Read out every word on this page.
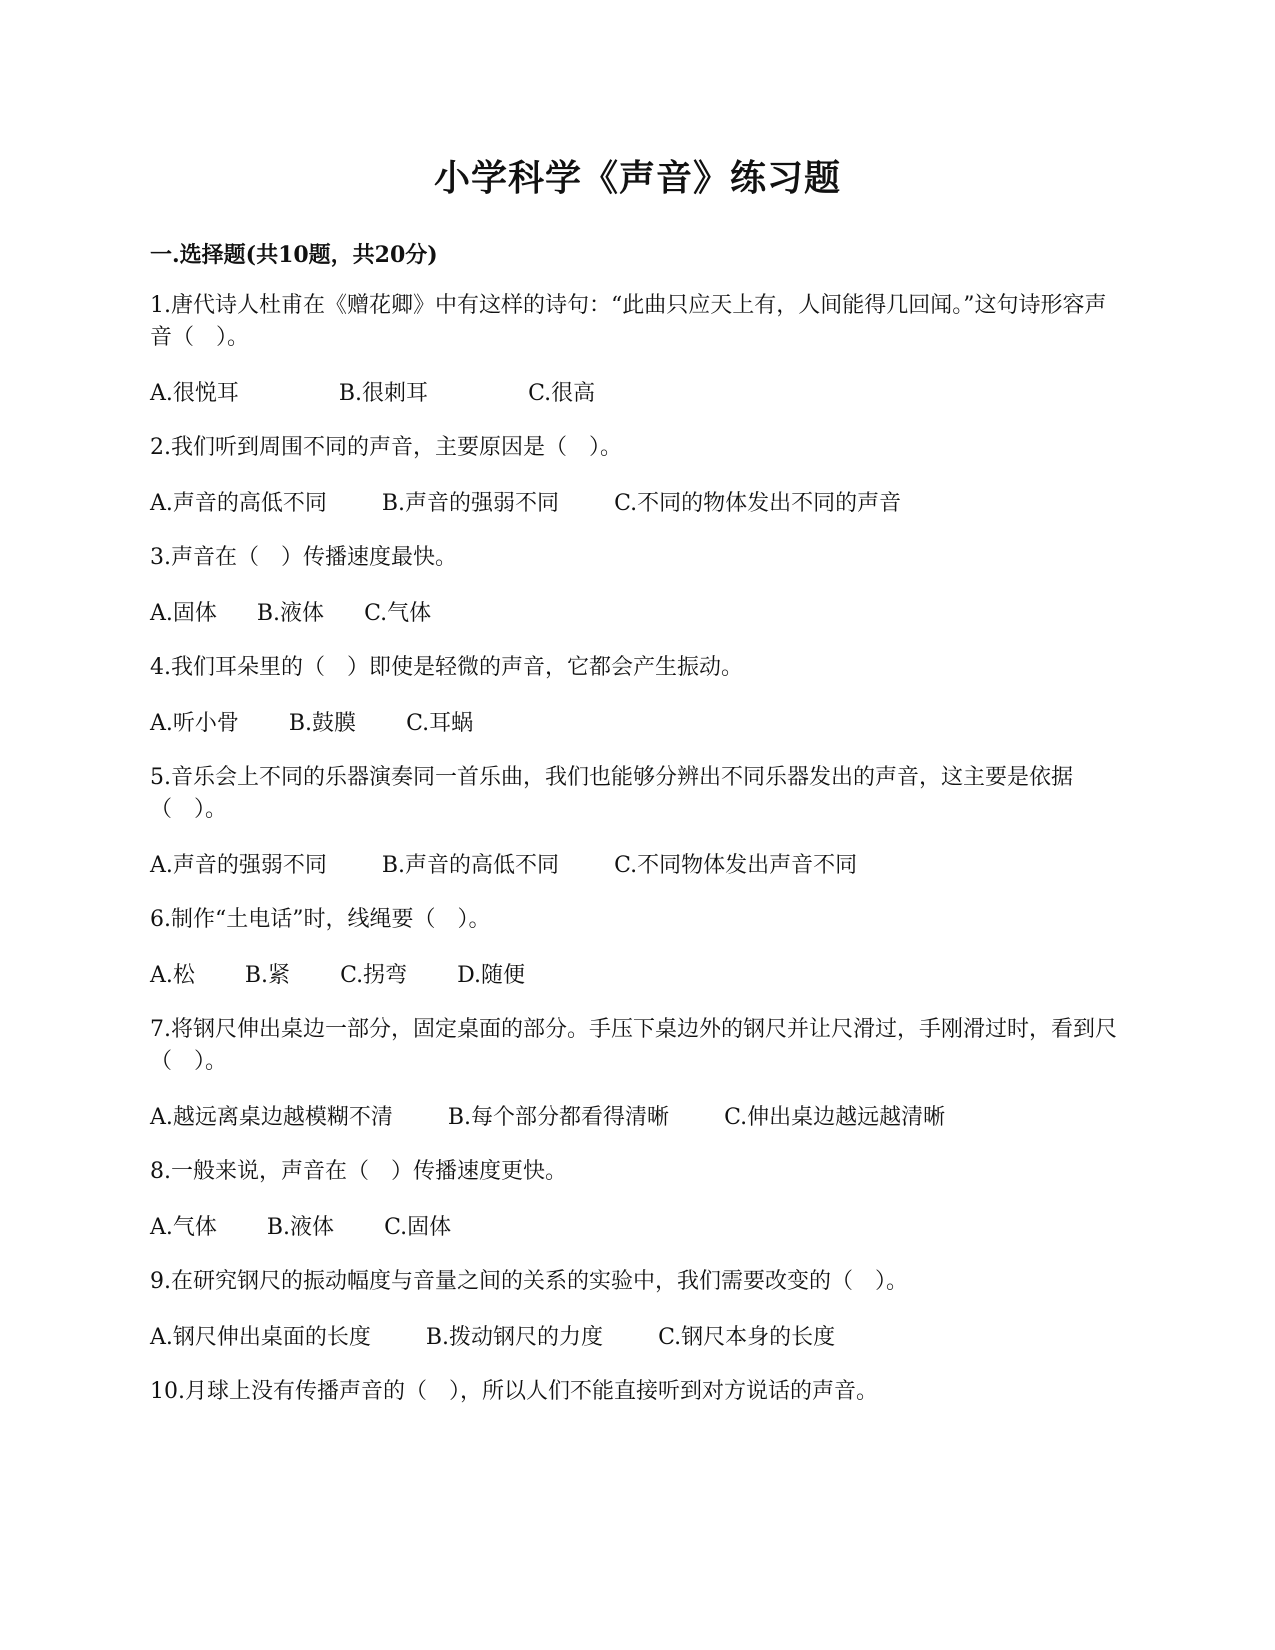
小学科学《声音》练习题
一.选择题(共10题，共20分)

1.唐代诗人杜甫在《赠花卿》中有这样的诗句：“此曲只应天上有，人间能得几回闻。”这句诗形容声音（　）。

A.很悦耳	B.很刺耳	C.很高

2.我们听到周围不同的声音，主要原因是（　）。

A.声音的高低不同	B.声音的强弱不同	C.不同的物体发出不同的声音

3.声音在（　）传播速度最快。

A.固体 B.液体 C.气体

4.我们耳朵里的（　）即使是轻微的声音，它都会产生振动。

A.听小骨 B.鼓膜 C.耳蜗

5.音乐会上不同的乐器演奏同一首乐曲，我们也能够分辨出不同乐器发出的声音，这主要是依据（　）。

A.声音的强弱不同	B.声音的高低不同	C.不同物体发出声音不同

6.制作“土电话”时，线绳要（　）。

A.松 B.紧 C.拐弯 D.随便

7.将钢尺伸出桌边一部分，固定桌面的部分。手压下桌边外的钢尺并让尺滑过，手刚滑过时，看到尺（　）。

A.越远离桌边越模糊不清	B.每个部分都看得清晰	C.伸出桌边越远越清晰

8.一般来说，声音在（　）传播速度更快。

A.气体 B.液体 C.固体

9.在研究钢尺的振动幅度与音量之间的关系的实验中，我们需要改变的（　）。

A.钢尺伸出桌面的长度	B.拨动钢尺的力度	C.钢尺本身的长度

10.月球上没有传播声音的（　），所以人们不能直接听到对方说话的声音。
